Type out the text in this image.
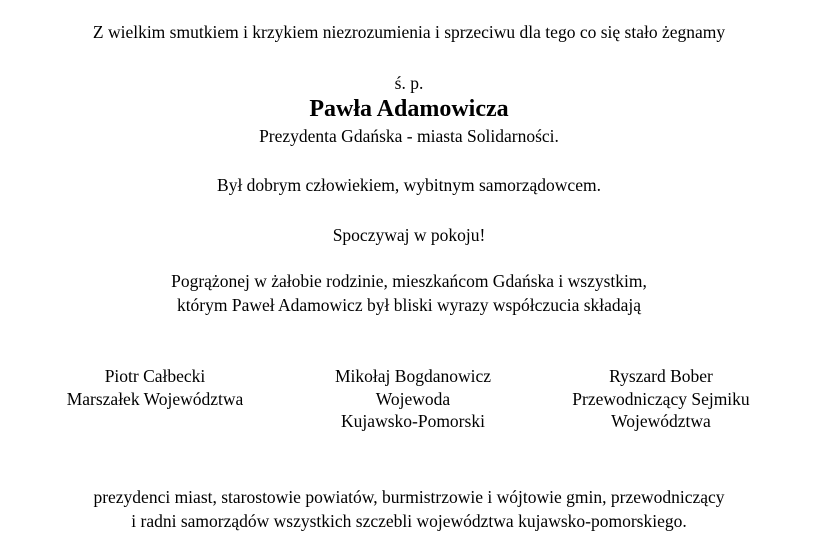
Z wielkim smutkiem i krzykiem niezrozumienia i sprzeciwu dla tego co się stało żegnamy
ś. p.
Pawła Adamowicza
Prezydenta Gdańska - miasta Solidarności.
Był dobrym człowiekiem, wybitnym samorządowcem.
Spoczywaj w pokoju!
Pogrążonej w żałobie rodzinie, mieszkańcom Gdańska i wszystkim,
którym Paweł Adamowicz był bliski wyrazy współczucia składają
Piotr Całbecki
Marszałek Województwa
Mikołaj Bogdanowicz
Wojewoda
Kujawsko-Pomorski
Ryszard Bober
Przewodniczący Sejmiku
Województwa
prezydenci miast, starostowie powiatów, burmistrzowie i wójtowie gmin, przewodniczący
i radni samorządów wszystkich szczebli województwa kujawsko-pomorskiego.
